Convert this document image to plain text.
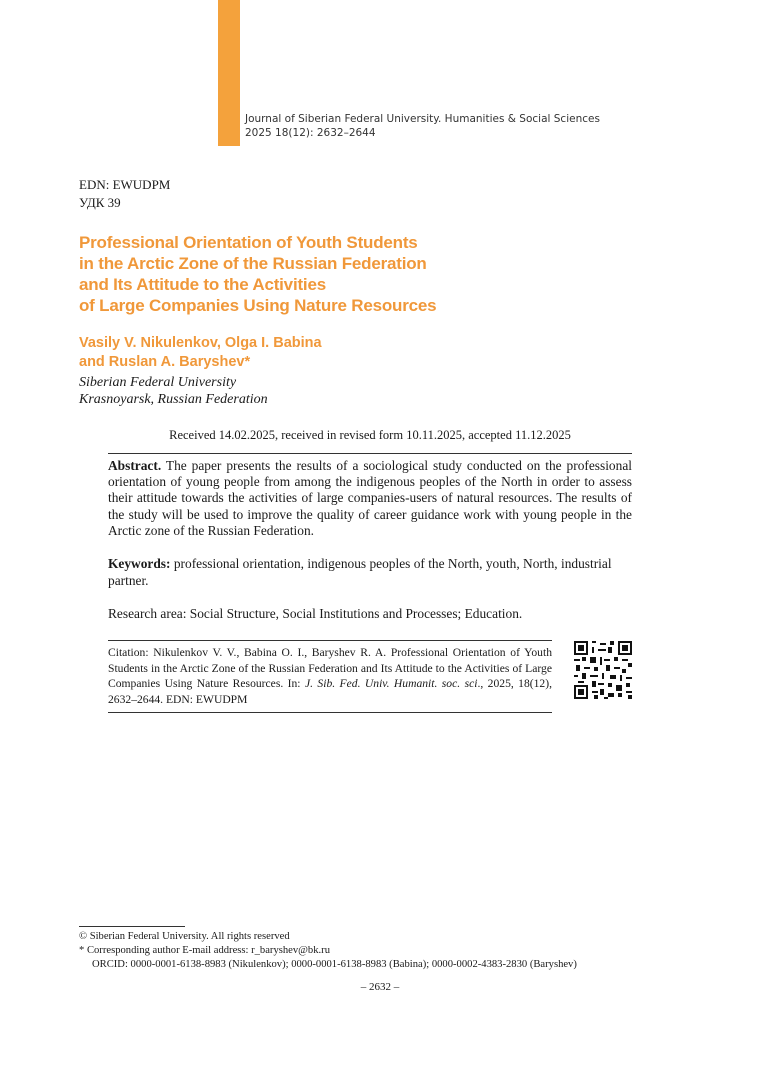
Journal of Siberian Federal University. Humanities & Social Sciences
2025 18(12): 2632–2644
EDN: EWUDPM
УДК 39
Professional Orientation of Youth Students
in the Arctic Zone of the Russian Federation
and Its Attitude to the Activities
of Large Companies Using Nature Resources
Vasily V. Nikulenkov, Olga I. Babina
and Ruslan A. Baryshev*
Siberian Federal University
Krasnoyarsk, Russian Federation
Received 14.02.2025, received in revised form 10.11.2025, accepted 11.12.2025
Abstract. The paper presents the results of a sociological study conducted on the professional orientation of young people from among the indigenous peoples of the North in order to assess their attitude towards the activities of large companies-users of natural resources. The results of the study will be used to improve the quality of career guidance work with young people in the Arctic zone of the Russian Federation.
Keywords: professional orientation, indigenous peoples of the North, youth, North, industrial partner.
Research area: Social Structure, Social Institutions and Processes; Education.
Citation: Nikulenkov V. V., Babina O. I., Baryshev R. A. Professional Orientation of Youth Students in the Arctic Zone of the Russian Federation and Its Attitude to the Activities of Large Companies Using Nature Resources. In: J. Sib. Fed. Univ. Humanit. soc. sci., 2025, 18(12), 2632–2644. EDN: EWUDPM
© Siberian Federal University. All rights reserved
* Corresponding author E-mail address: r_baryshev@bk.ru
ORCID: 0000-0001-6138-8983 (Nikulenkov); 0000-0001-6138-8983 (Babina); 0000-0002-4383-2830 (Baryshev)
– 2632 –
